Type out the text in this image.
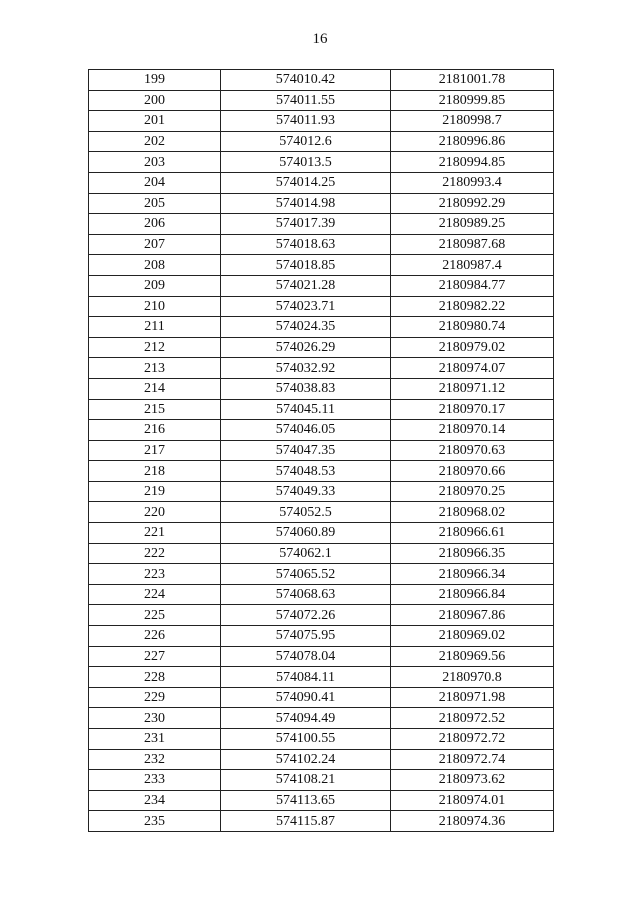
16
199	574010.42	2181001.78
200	574011.55	2180999.85
201	574011.93	2180998.7
202	574012.6	2180996.86
203	574013.5	2180994.85
204	574014.25	2180993.4
205	574014.98	2180992.29
206	574017.39	2180989.25
207	574018.63	2180987.68
208	574018.85	2180987.4
209	574021.28	2180984.77
210	574023.71	2180982.22
211	574024.35	2180980.74
212	574026.29	2180979.02
213	574032.92	2180974.07
214	574038.83	2180971.12
215	574045.11	2180970.17
216	574046.05	2180970.14
217	574047.35	2180970.63
218	574048.53	2180970.66
219	574049.33	2180970.25
220	574052.5	2180968.02
221	574060.89	2180966.61
222	574062.1	2180966.35
223	574065.52	2180966.34
224	574068.63	2180966.84
225	574072.26	2180967.86
226	574075.95	2180969.02
227	574078.04	2180969.56
228	574084.11	2180970.8
229	574090.41	2180971.98
230	574094.49	2180972.52
231	574100.55	2180972.72
232	574102.24	2180972.74
233	574108.21	2180973.62
234	574113.65	2180974.01
235	574115.87	2180974.36
